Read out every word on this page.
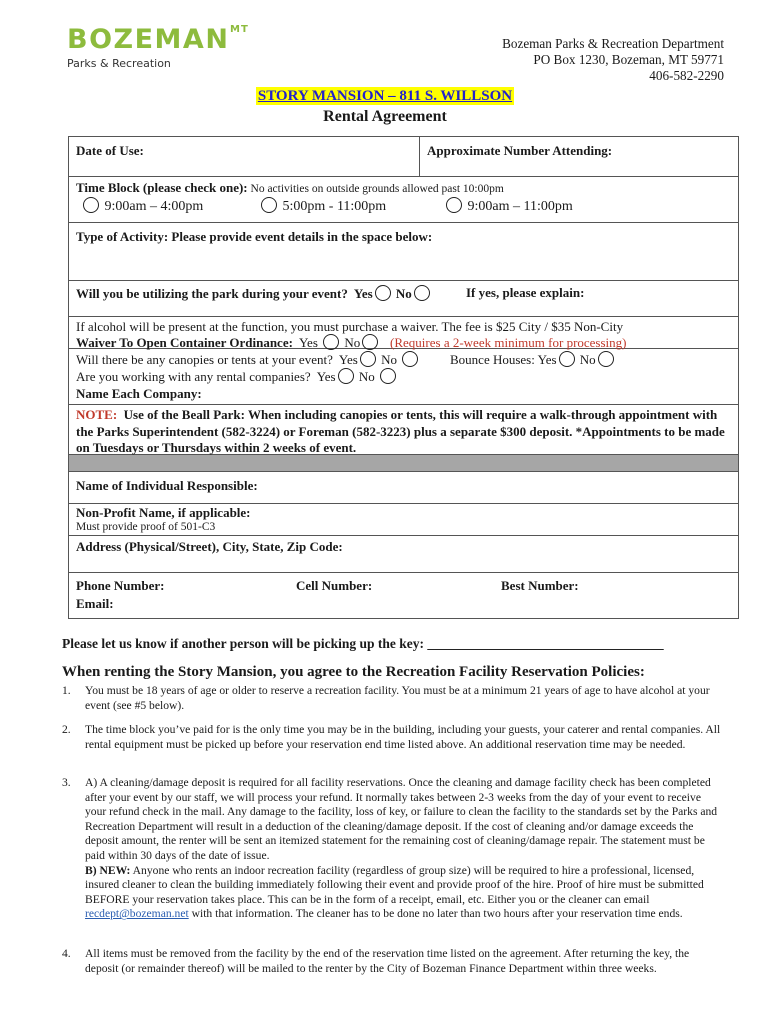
BOZEMAN MT
Parks & Recreation
Bozeman Parks & Recreation Department
PO Box 1230, Bozeman, MT 59771
406-582-2290
STORY MANSION – 811 S. WILLSON
Rental Agreement
Date of Use:	Approximate Number Attending:
Time Block (please check one): No activities on outside grounds allowed past 10:00pm
9:00am – 4:00pm	5:00pm - 11:00pm	9:00am – 11:00pm
Type of Activity: Please provide event details in the space below:
Will you be utilizing the park during your event? Yes No	If yes, please explain:
If alcohol will be present at the function, you must purchase a waiver. The fee is $25 City / $35 Non-City
Waiver To Open Container Ordinance: Yes No (Requires a 2-week minimum for processing)
Will there be any canopies or tents at your event? Yes No	Bounce Houses: Yes No
Are you working with any rental companies? Yes No
Name Each Company:
NOTE: Use of the Beall Park: When including canopies or tents, this will require a walk-through appointment with the Parks Superintendent (582-3224) or Foreman (582-3223) plus a separate $300 deposit. *Appointments to be made on Tuesdays or Thursdays within 2 weeks of event.
Name of Individual Responsible:
Non-Profit Name, if applicable:
Must provide proof of 501-C3
Address (Physical/Street), City, State, Zip Code:
Phone Number:	Cell Number:	Best Number:
Email:
Please let us know if another person will be picking up the key: ___________________________________
When renting the Story Mansion, you agree to the Recreation Facility Reservation Policies:
1. You must be 18 years of age or older to reserve a recreation facility. You must be at a minimum 21 years of age to have alcohol at your event (see #5 below).
2. The time block you’ve paid for is the only time you may be in the building, including your guests, your caterer and rental companies. All rental equipment must be picked up before your reservation end time listed above. An additional reservation time may be needed.
3. A) A cleaning/damage deposit is required for all facility reservations. Once the cleaning and damage facility check has been completed after your event by our staff, we will process your refund. It normally takes between 2-3 weeks from the day of your event to receive your refund check in the mail. Any damage to the facility, loss of key, or failure to clean the facility to the standards set by the Parks and Recreation Department will result in a deduction of the cleaning/damage deposit. If the cost of cleaning and/or damage exceeds the deposit amount, the renter will be sent an itemized statement for the remaining cost of cleaning/damage repair. The statement must be paid within 30 days of the date of issue.
B) NEW: Anyone who rents an indoor recreation facility (regardless of group size) will be required to hire a professional, licensed, insured cleaner to clean the building immediately following their event and provide proof of the hire. Proof of hire must be submitted BEFORE your reservation takes place. This can be in the form of a receipt, email, etc. Either you or the cleaner can email recdept@bozeman.net with that information. The cleaner has to be done no later than two hours after your reservation time ends.
4. All items must be removed from the facility by the end of the reservation time listed on the agreement. After returning the key, the deposit (or remainder thereof) will be mailed to the renter by the City of Bozeman Finance Department within three weeks.
